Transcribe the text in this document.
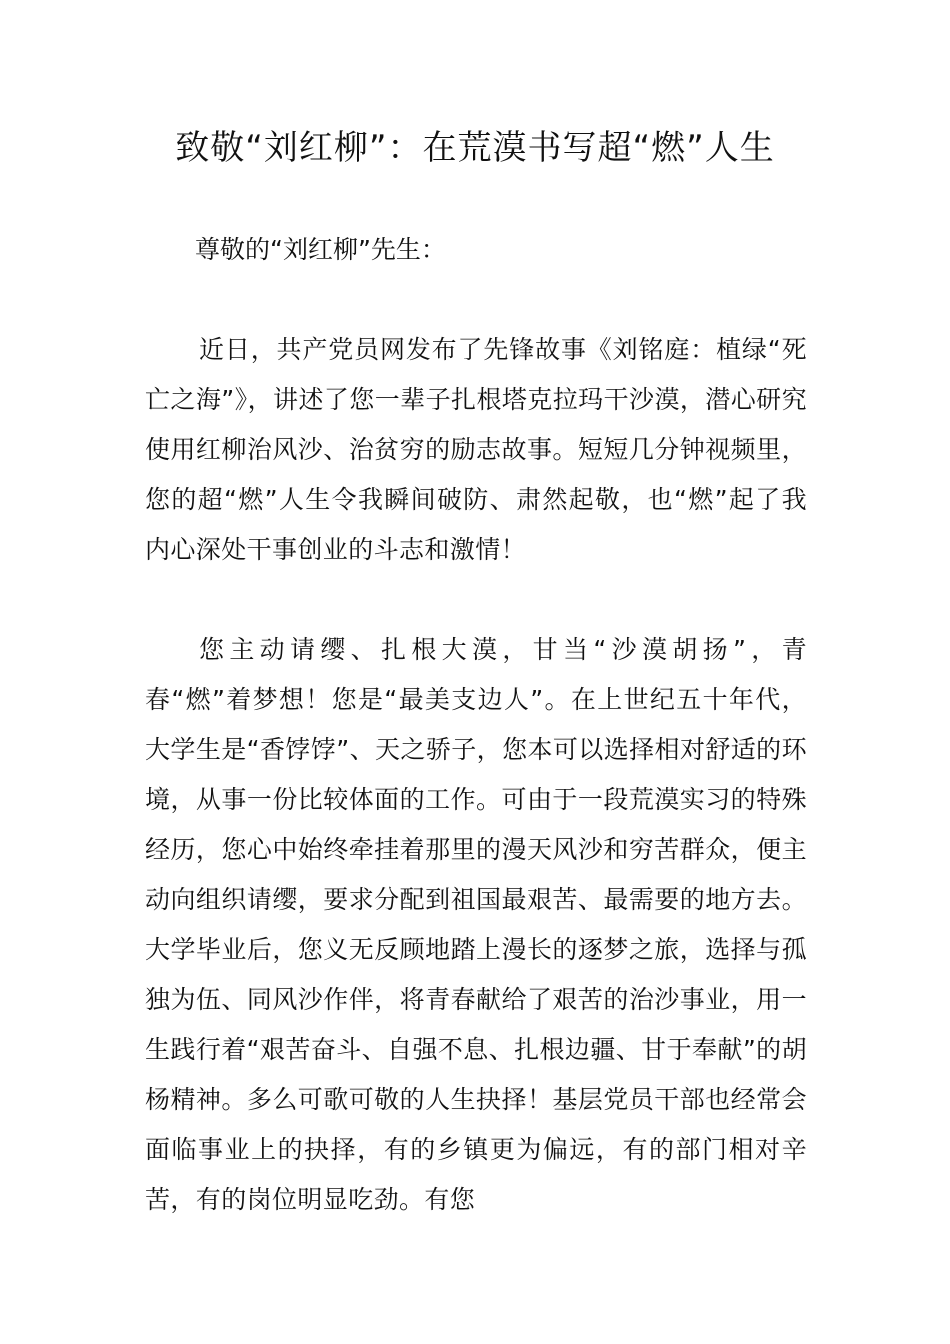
致敬“刘红柳”：在荒漠书写超“燃”人生

尊敬的“刘红柳”先生：

近日，共产党员网发布了先锋故事《刘铭庭：植绿“死亡之海”》，讲述了您一辈子扎根塔克拉玛干沙漠，潜心研究使用红柳治风沙、治贫穷的励志故事。短短几分钟视频里，您的超“燃”人生令我瞬间破防、肃然起敬，也“燃”起了我内心深处干事创业的斗志和激情！

您主动请缨、扎根大漠，甘当“沙漠胡扬”，青春“燃”着梦想！您是“最美支边人”。在上世纪五十年代，大学生是“香饽饽”、天之骄子，您本可以选择相对舒适的环境，从事一份比较体面的工作。可由于一段荒漠实习的特殊经历，您心中始终牵挂着那里的漫天风沙和穷苦群众，便主动向组织请缨，要求分配到祖国最艰苦、最需要的地方去。大学毕业后，您义无反顾地踏上漫长的逐梦之旅，选择与孤独为伍、同风沙作伴，将青春献给了艰苦的治沙事业，用一生践行着“艰苦奋斗、自强不息、扎根边疆、甘于奉献”的胡杨精神。多么可歌可敬的人生抉择！基层党员干部也经常会面临事业上的抉择，有的乡镇更为偏远，有的部门相对辛苦，有的岗位明显吃劲。有您
